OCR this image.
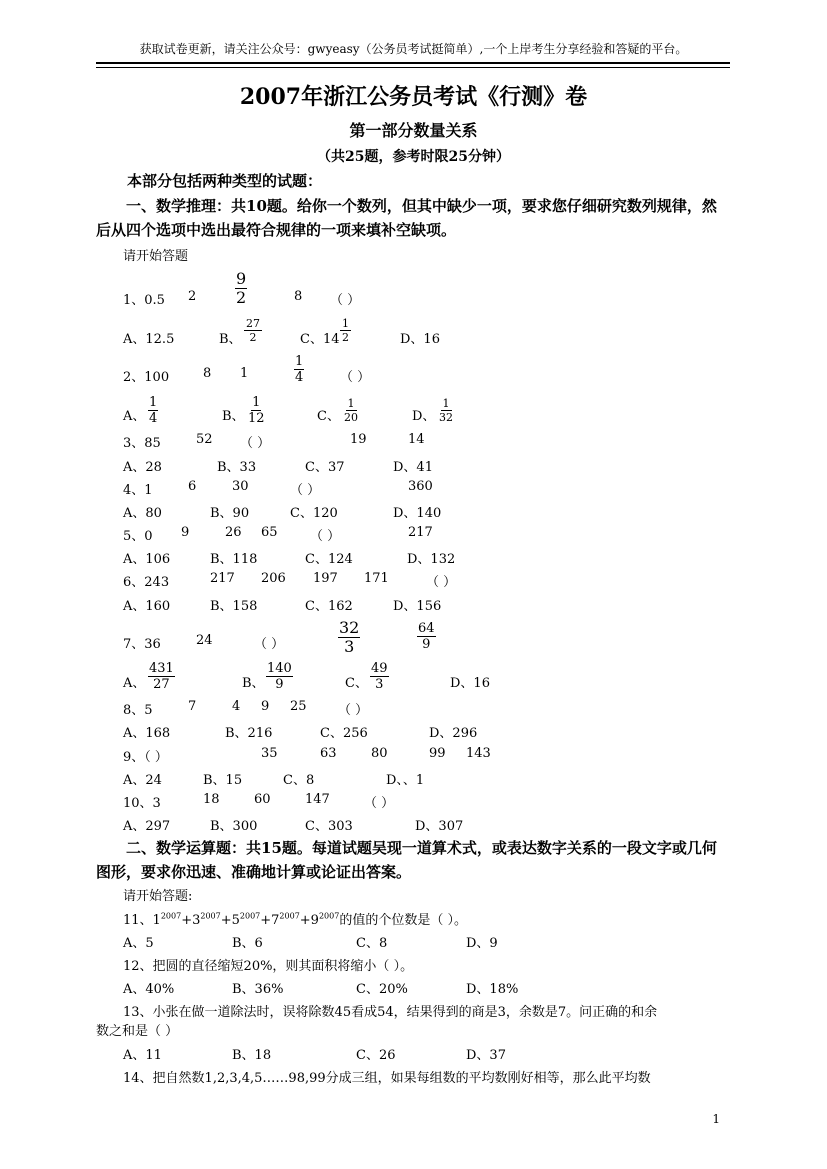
获取试卷更新，请关注公众号：gwyeasy（公务员考试挺简单）,一个上岸考生分享经验和答疑的平台。
2007年浙江公务员考试《行测》卷
第一部分数量关系
（共25题，参考时限25分钟）
本部分包括两种类型的试题：
一、数学推理：共10题。给你一个数列，但其中缺少一项，要求您仔细研究数列规律，然后从四个选项中选出最符合规律的一项来填补空缺项。
请开始答题
1、0.5 $2 \frac{9}{2}$	8 （ ）
A、12.5	B、 $\frac{27}{2}$	C、$14 \frac{1}{2}$	D、16
2、100	8 1	$\frac{1}{4}$	（ ）
A、 $\frac{1}{4}$	B、 $\frac{1}{12}$	C、 $\frac{1}{20}$	D、 $\frac{1}{32}$
3、85	52 （ ）	19	14
A、28	B、33	C、37	D、41
4、1	6	30	（ ）	360
A、80	B、90	C、120	D、140
5、0 9	26 65 （ ）	217
A、106	B、118	C、124	D、132
6、243	217 206 197 171	（ ）
A、160	B、158	C、162	D、156
7、36	24	（ ）	$\frac{32}{3}$	$\frac{64}{9}$
A、 $\frac{431}{27}$	B、 $\frac{140}{9}$	C、 $\frac{49}{3}$	D、16
8、5	7	4 9 25 （ ）
A、168	B、216	C、256	D、296
9、（ ）	35	63	80	99 143
A、24	B、15	C、8	D、、1
10、3	18	60	147	（ ）
A、297	B、300	C、303	D、307
二、数学运算题：共15题。每道试题吴现一道算术式，或表达数字关系的一段文字或几何图形，要求你迅速、准确地计算或论证出答案。
请开始答题:
11、$1^{2007}+3^{2007}+5^{2007}+7^{2007}+9^{2007}$的值的个位数是（ ）。
A、5	B、6	C、8	D、9
12、把圆的直径缩短20%，则其面积将缩小（ ）。
A、40%	B、36%	C、20%	D、18%
13、小张在做一道除法时，误将除数45看成54，结果得到的商是3，余数是7。问正确的和余
数之和是（ ）
A、11	B、18	C、26	D、37
14、把自然数1,2,3,4,5……98,99分成三组，如果每组数的平均数刚好相等，那么此平均数
1
